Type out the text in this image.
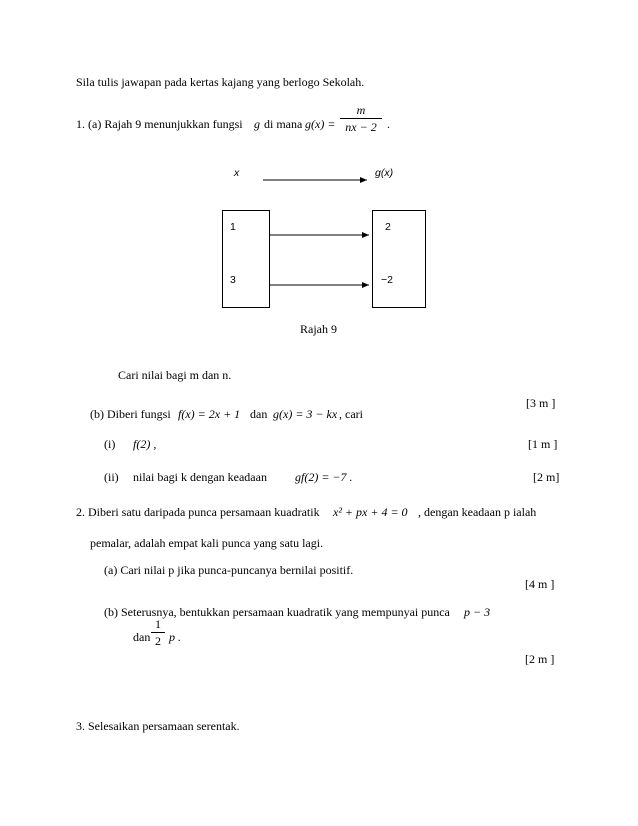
Sila tulis jawapan pada kertas kajang yang berlogo Sekolah.
1. (a) Rajah 9 menunjukkan fungsi g di mana g(x) =
m
nx − 2 .
x	g(x)
1
3
2
−2
Rajah 9
Cari nilai bagi m dan n.
[3 m ]
(b) Diberi fungsi f(x) = 2x + 1 dan g(x) = 3 − kx , cari
(i) f(2) ,	[1 m ]
(ii) nilai bagi k dengan keadaan gf(2) = −7 .	[2 m]
2. Diberi satu daripada punca persamaan kuadratik x² + px + 4 = 0 , dengan keadaan p ialah
pemalar, adalah empat kali punca yang satu lagi.
(a) Cari nilai p jika punca-puncanya bernilai positif.
[4 m ]
(b) Seterusnya, bentukkan persamaan kuadratik yang mempunyai punca p − 3
dan
1
2 p .
[2 m ]
3. Selesaikan persamaan serentak.
